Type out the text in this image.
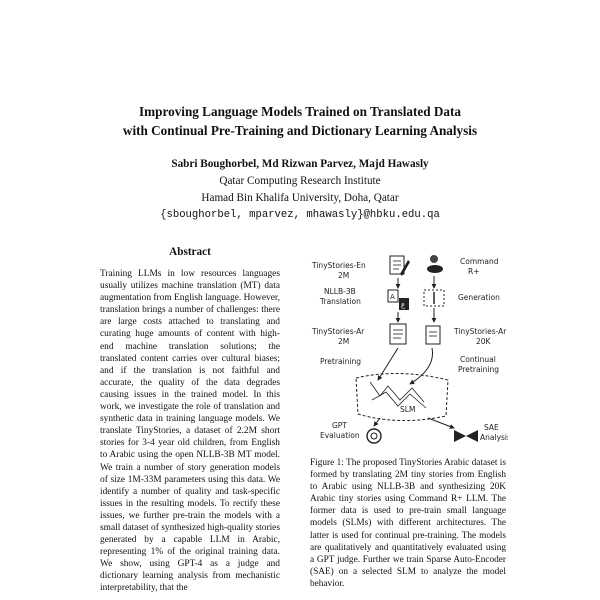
Improving Language Models Trained on Translated Data
with Continual Pre-Training and Dictionary Learning Analysis
Sabri Boughorbel, Md Rizwan Parvez, Majd Hawasly
Qatar Computing Research Institute
Hamad Bin Khalifa University, Doha, Qatar
{sboughorbel, mparvez, mhawasly}@hbku.edu.qa
Abstract
Training LLMs in low resources languages usually utilizes machine translation (MT) data augmentation from English language. However, translation brings a number of challenges: there are large costs attached to translating and curating huge amounts of content with high-end machine translation solutions; the translated content carries over cultural biases; and if the translation is not faithful and accurate, the quality of the data degrades causing issues in the trained model. In this work, we investigate the role of translation and synthetic data in training language models. We translate TinyStories, a dataset of 2.2M short stories for 3-4 year old children, from English to Arabic using the open NLLB-3B MT model. We train a number of story generation models of size 1M-33M parameters using this data. We identify a number of quality and task-specific issues in the resulting models. To rectify these issues, we further pre-train the models with a small dataset of synthesized high-quality stories generated by a capable LLM in Arabic, representing 1% of the original training data. We show, using GPT-4 as a judge and dictionary learning analysis from mechanistic interpretability, that the
TinyStories-En
2M
Command
R+
NLLB-3B
Translation	A
ع
Generation
TinyStories-Ar
2M
TinyStories-Ar
20K
Pretraining	Continual
Pretraining
SLM
GPT
Evaluation
SAE
Analysis
Figure 1: The proposed TinyStories Arabic dataset is formed by translating 2M tiny stories from English to Arabic using NLLB-3B and synthesizing 20K Arabic tiny stories using Command R+ LLM. The former data is used to pre-train small language models (SLMs) with different architectures. The latter is used for continual pre-training. The models are qualitatively and quantitatively evaluated using a GPT judge. Further we train Sparse Auto-Encoder (SAE) on a selected SLM to analyze the model behavior.
